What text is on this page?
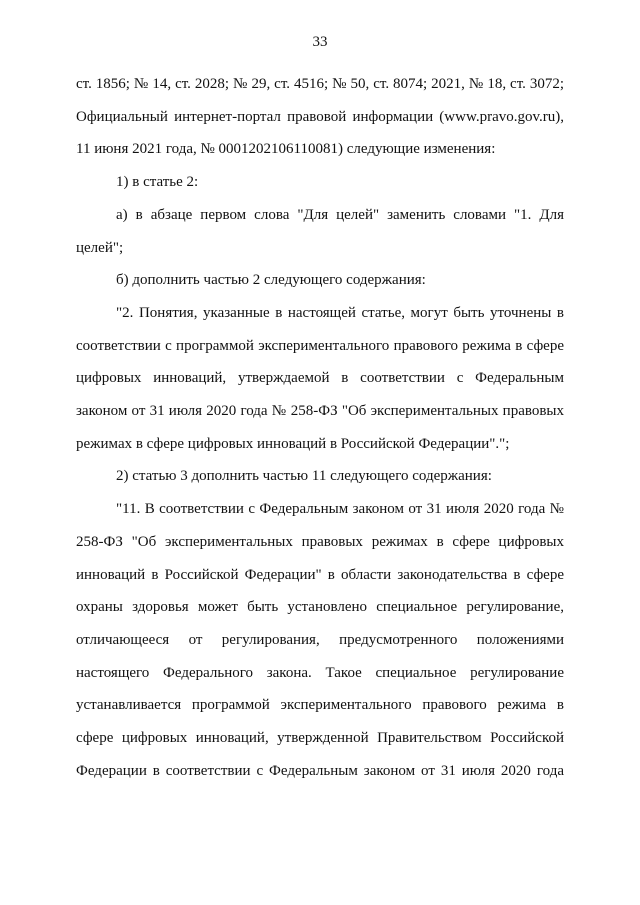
33

ст. 1856; № 14, ст. 2028; № 29, ст. 4516; № 50, ст. 8074; 2021, № 18, ст. 3072; Официальный интернет-портал правовой информации (www.pravo.gov.ru), 11 июня 2021 года, № 0001202106110081) следующие изменения:

1) в статье 2:

а) в абзаце первом слова "Для целей" заменить словами "1. Для целей";

б) дополнить частью 2 следующего содержания:

"2. Понятия, указанные в настоящей статье, могут быть уточнены в соответствии с программой экспериментального правового режима в сфере цифровых инноваций, утверждаемой в соответствии с Федеральным законом от 31 июля 2020 года № 258-ФЗ "Об экспериментальных правовых режимах в сфере цифровых инноваций в Российской Федерации".";

2) статью 3 дополнить частью 11 следующего содержания:

"11. В соответствии с Федеральным законом от 31 июля 2020 года № 258-ФЗ "Об экспериментальных правовых режимах в сфере цифровых инноваций в Российской Федерации" в области законодательства в сфере охраны здоровья может быть установлено специальное регулирование, отличающееся от регулирования, предусмотренного положениями настоящего Федерального закона. Такое специальное регулирование устанавливается программой экспериментального правового режима в сфере цифровых инноваций, утвержденной Правительством Российской Федерации в соответствии с Федеральным законом от 31 июля 2020 года
